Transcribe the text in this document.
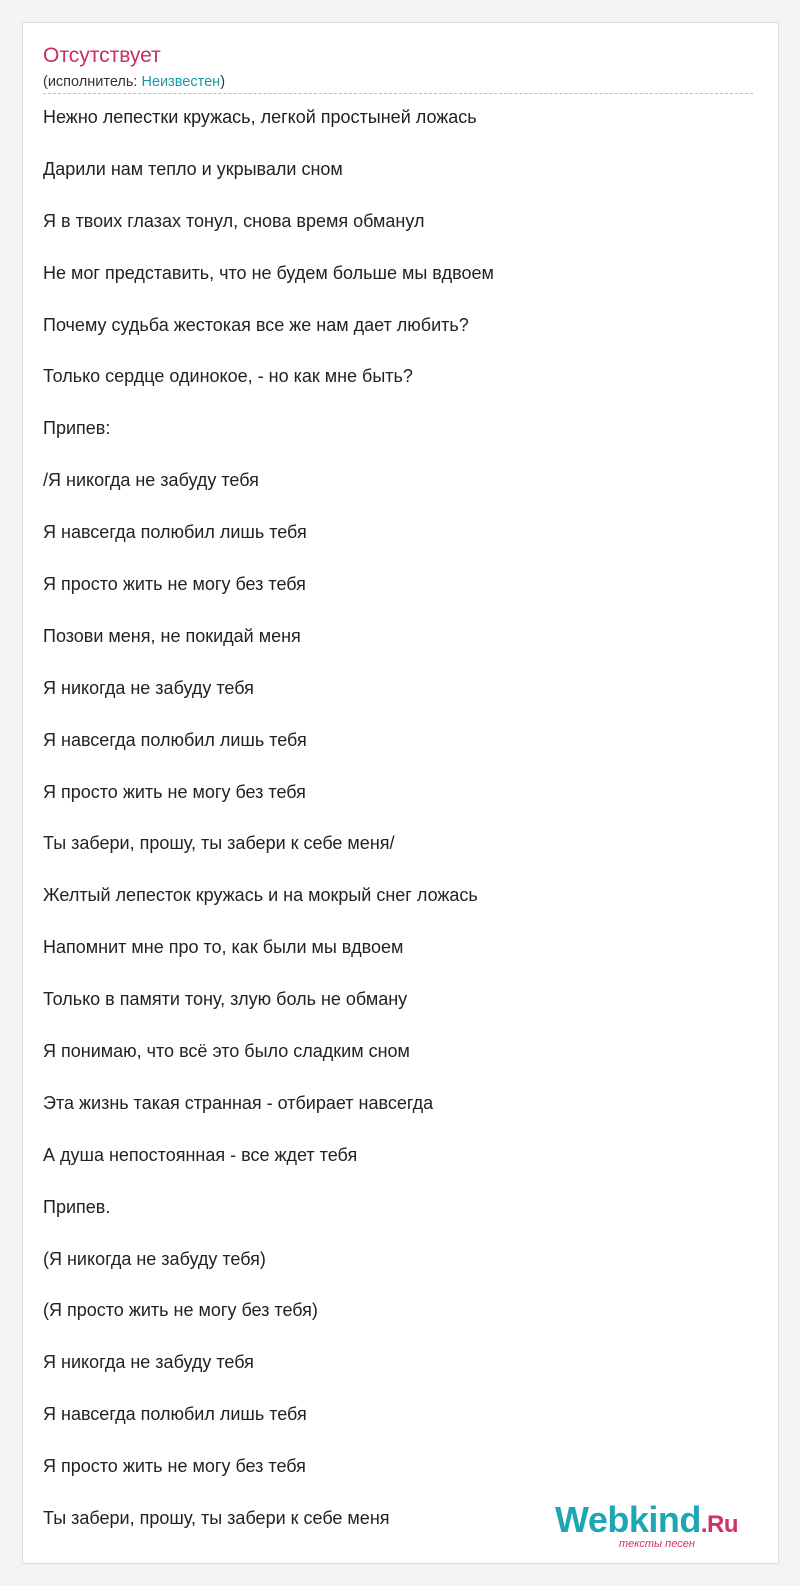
Отсутствует
(исполнитель: Неизвестен)
Нежно лепестки кружась, легкой простыней ложась
Дарили нам тепло и укрывали сном
Я в твоих глазах тонул, снова время обманул
Не мог представить, что не будем больше мы вдвоем
Почему судьба жестокая все же нам дает любить?
Только сердце одинокое, - но как мне быть?
Припев:
/Я никогда не забуду тебя
Я навсегда полюбил лишь тебя
Я просто жить не могу без тебя
Позови меня, не покидай меня
Я никогда не забуду тебя
Я навсегда полюбил лишь тебя
Я просто жить не могу без тебя
Ты забери, прошу, ты забери к себе меня/
Желтый лепесток кружась и на мокрый снег ложась
Напомнит мне про то, как были мы вдвоем
Только в памяти тону, злую боль не обману
Я понимаю, что всё это было сладким сном
Эта жизнь такая странная - отбирает навсегда
А душа непостоянная - все ждет тебя
Припев.
(Я никогда не забуду тебя)
(Я просто жить не могу без тебя)
Я никогда не забуду тебя
Я навсегда полюбил лишь тебя
Я просто жить не могу без тебя
Ты забери, прошу, ты забери к себе меня	Webkind.Ru
тексты песен
